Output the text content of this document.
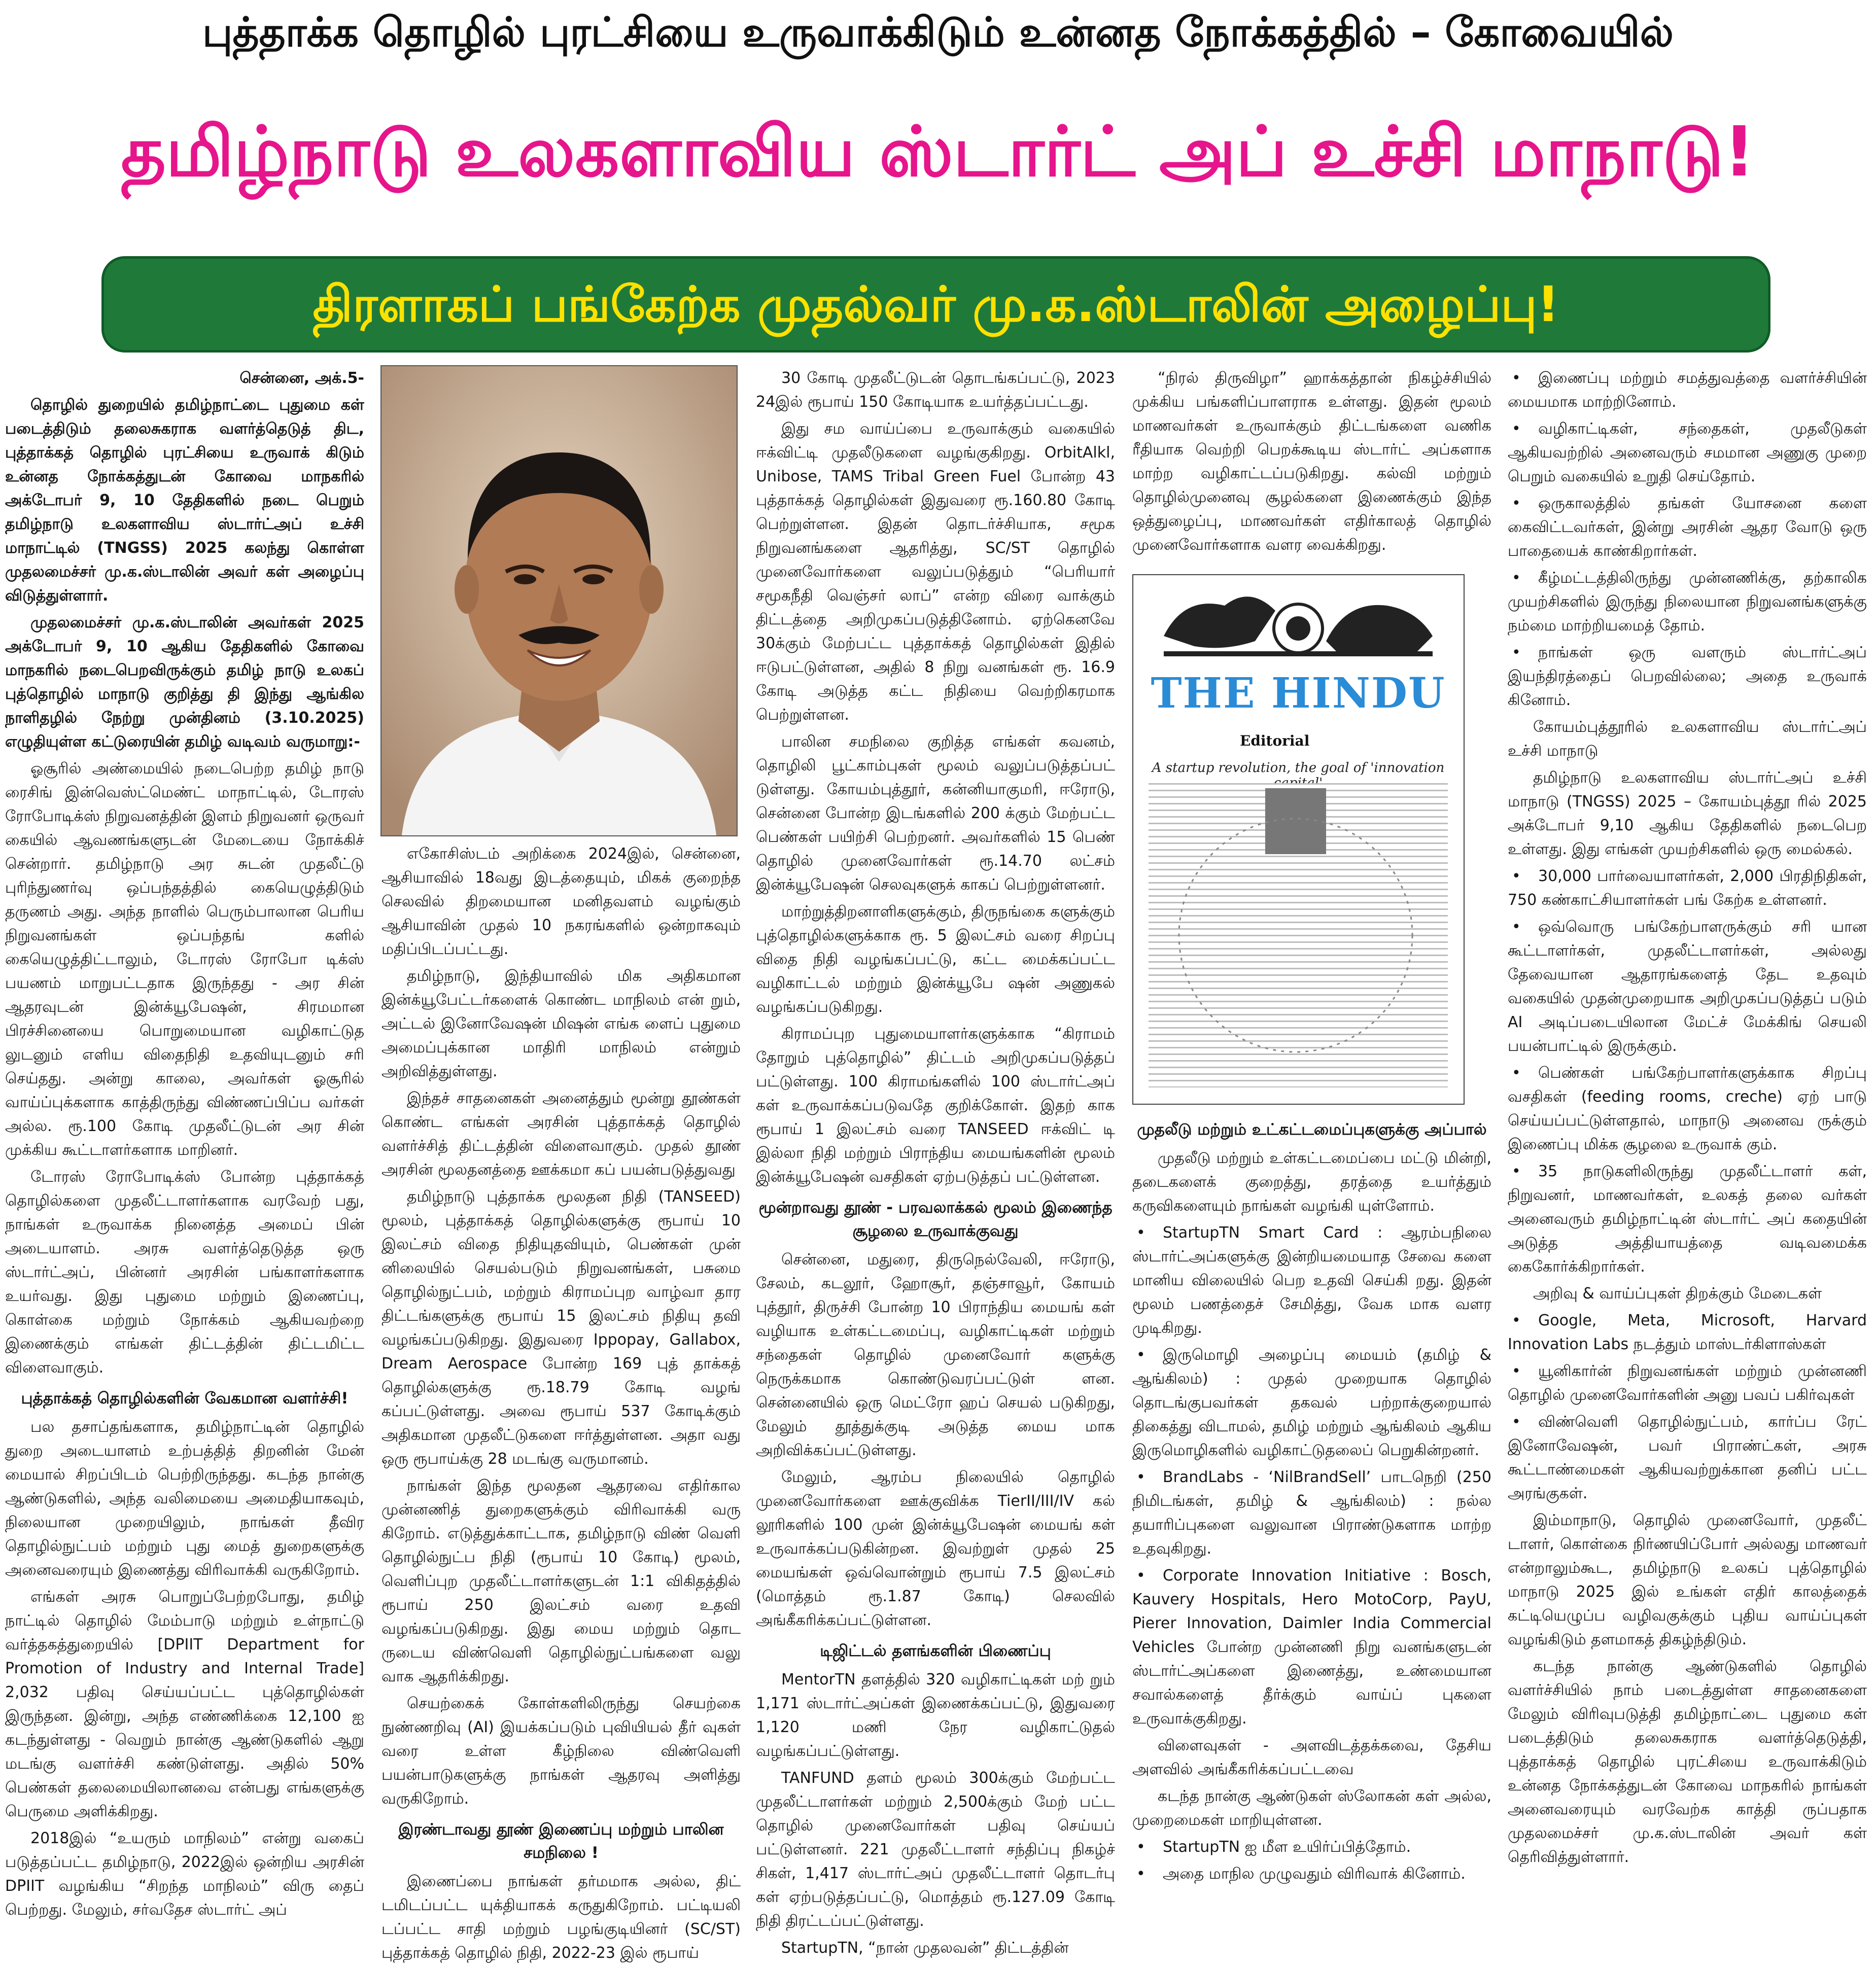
புத்தாக்க தொழில் புரட்சியை உருவாக்கிடும் உன்னத நோக்கத்தில் – கோவையில்
தமிழ்நாடு உலகளாவிய ஸ்டார்ட் அப் உச்சி மாநாடு!
திரளாகப் பங்கேற்க முதல்வர் மு.க.ஸ்டாலின் அழைப்பு!

சென்னை, அக்.5-

தொழில் துறையில் தமிழ்நாட்டை புதுமை கள் படைத்திடும் தலைசுகராக வளர்த்தெடுத் திட, புத்தாக்கத் தொழில் புரட்சியை உருவாக் கிடும் உன்னத நோக்கத்துடன் கோவை மாநகரில் அக்டோபர் 9, 10 தேதிகளில் நடை பெறும் தமிழ்நாடு உலகளாவிய ஸ்டார்ட்அப் உச்சி மாநாட்டில் (TNGSS) 2025 கலந்து கொள்ள முதலமைச்சர் மு.க.ஸ்டாலின் அவர் கள் அழைப்பு விடுத்துள்ளார்.

முதலமைச்சர் மு.க.ஸ்டாலின் அவர்கள் 2025 அக்டோபர் 9, 10 ஆகிய தேதிகளில் கோவை மாநகரில் நடைபெறவிருக்கும் தமிழ் நாடு உலகப் புத்தொழில் மாநாடு குறித்து தி இந்து ஆங்கில நாளிதழில் நேற்று முன்தினம் (3.10.2025) எழுதியுள்ள கட்டுரையின் தமிழ் வடிவம் வருமாறு:-

ஓசூரில் அண்மையில் நடைபெற்ற தமிழ் நாடு ரைசிங் இன்வெஸ்ட்மெண்ட் மாநாட்டில், டோரஸ் ரோபோடிக்ஸ் நிறுவனத்தின் இளம் நிறுவனர் ஒருவர் கையில் ஆவணங்களுடன் மேடையை நோக்கிச் சென்றார். தமிழ்நாடு அர சுடன் முதலீட்டு புரிந்துணர்வு ஒப்பந்தத்தில் கையெழுத்திடும் தருணம் அது. அந்த நாளில் பெரும்பாலான பெரிய நிறுவனங்கள் ஒப்பந்தங் களில் கையெழுத்திட்டாலும், டோரஸ் ரோபோ டிக்ஸ் பயணம் மாறுபட்டதாக இருந்தது - அர சின் ஆதரவுடன் இன்க்யூபேஷன், சிரமமான பிரச்சினையை பொறுமையான வழிகாட்டுத லுடனும் எளிய விதைநிதி உதவியுடனும் சரி செய்தது. அன்று காலை, அவர்கள் ஓசூரில் வாய்ப்புக்களாக காத்திருந்து விண்ணப்பிப்ப வர்கள் அல்ல. ரூ.100 கோடி முதலீட்டுடன் அர சின் முக்கிய கூட்டாளர்களாக மாறினர்.

டோரஸ் ரோபோடிக்ஸ் போன்ற புத்தாக்கத் தொழில்களை முதலீட்டாளர்களாக வரவேற் பது, நாங்கள் உருவாக்க நினைத்த அமைப் பின் அடையாளம். அரசு வளர்த்தெடுத்த ஒரு ஸ்டார்ட்அப், பின்னர் அரசின் பங்காளர்களாக உயர்வது. இது புதுமை மற்றும் இணைப்பு, கொள்கை மற்றும் நோக்கம் ஆகியவற்றை இணைக்கும் எங்கள் திட்டத்தின் திட்டமிட்ட விளைவாகும்.

புத்தாக்கத் தொழில்களின் வேகமான வளர்ச்சி!

பல தசாப்தங்களாக, தமிழ்நாட்டின் தொழில் துறை அடையாளம் உற்பத்தித் திறனின் மேன் மையால் சிறப்பிடம் பெற்றிருந்தது. கடந்த நான்கு ஆண்டுகளில், அந்த வலிமையை அமைதியாகவும், நிலையான முறையிலும், நாங்கள் தீவிர தொழில்நுட்பம் மற்றும் புது மைத் துறைகளுக்கு அனைவரையும் இணைத்து விரிவாக்கி வருகிறோம்.

எங்கள் அரசு பொறுப்பேற்றபோது, தமிழ் நாட்டில் தொழில் மேம்பாடு மற்றும் உள்நாட்டு வர்த்தகத்துறையில் [DPIIT Department for Promotion of Industry and Internal Trade] 2,032 பதிவு செய்யப்பட்ட புத்தொழில்கள் இருந்தன. இன்று, அந்த எண்ணிக்கை 12,100 ஐ கடந்துள்ளது - வெறும் நான்கு ஆண்டுகளில் ஆறு மடங்கு வளர்ச்சி கண்டுள்ளது. அதில் 50% பெண்கள் தலைமையிலானவை என்பது எங்களுக்கு பெருமை அளிக்கிறது.

2018இல் “உயரும் மாநிலம்” என்று வகைப் படுத்தப்பட்ட தமிழ்நாடு, 2022இல் ஒன்றிய அரசின் DPIIT வழங்கிய “சிறந்த மாநிலம்” விரு தைப் பெற்றது. மேலும், சர்வதேச ஸ்டார்ட் அப்

எகோசிஸ்டம் அறிக்கை 2024இல், சென்னை, ஆசியாவில் 18வது இடத்தையும், மிகக் குறைந்த செலவில் திறமையான மனிதவளம் வழங்கும் ஆசியாவின் முதல் 10 நகரங்களில் ஒன்றாகவும் மதிப்பிடப்பட்டது.

தமிழ்நாடு, இந்தியாவில் மிக அதிகமான இன்க்யூபேட்டர்களைக் கொண்ட மாநிலம் என் றும், அட்டல் இனோவேஷன் மிஷன் எங்க ளைப் புதுமை அமைப்புக்கான மாதிரி மாநிலம் என்றும் அறிவித்துள்ளது.

இந்தச் சாதனைகள் அனைத்தும் மூன்று தூண்கள் கொண்ட எங்கள் அரசின் புத்தாக்கத் தொழில் வளர்ச்சித் திட்டத்தின் விளைவாகும். முதல் தூண் அரசின் மூலதனத்தை ஊக்கமா கப் பயன்படுத்துவது

தமிழ்நாடு புத்தாக்க மூலதன நிதி (TANSEED) மூலம், புத்தாக்கத் தொழில்களுக்கு ரூபாய் 10 இலட்சம் விதை நிதியுதவியும், பெண்கள் முன் னிலையில் செயல்படும் நிறுவனங்கள், பசுமை தொழில்நுட்பம், மற்றும் கிராமப்புற வாழ்வா தார திட்டங்களுக்கு ரூபாய் 15 இலட்சம் நிதியு தவி வழங்கப்படுகிறது. இதுவரை Ippopay, Gallabox, Dream Aerospace போன்ற 169 புத் தாக்கத் தொழில்களுக்கு ரூ.18.79 கோடி வழங் கப்பட்டுள்ளது. அவை ரூபாய் 537 கோடிக்கும் அதிகமான முதலீட்டுகளை ஈர்த்துள்ளன. அதா வது ஒரு ரூபாய்க்கு 28 மடங்கு வருமானம்.

நாங்கள் இந்த மூலதன ஆதரவை எதிர்கால முன்னணித் துறைகளுக்கும் விரிவாக்கி வரு கிறோம். எடுத்துக்காட்டாக, தமிழ்நாடு விண் வெளி தொழில்நுட்ப நிதி (ரூபாய் 10 கோடி) மூலம், வெளிப்புற முதலீட்டாளர்களுடன் 1:1 விகிதத்தில் ரூபாய் 250 இலட்சம் வரை உதவி வழங்கப்படுகிறது. இது மைய மற்றும் தொட ருடைய விண்வெளி தொழில்நுட்பங்களை வலு வாக ஆதரிக்கிறது.

செயற்கைக் கோள்களிலிருந்து செயற்கை நுண்ணறிவு (AI) இயக்கப்படும் புவியியல் தீர் வுகள் வரை உள்ள கீழ்நிலை விண்வெளி பயன்பாடுகளுக்கு நாங்கள் ஆதரவு அளித்து வருகிறோம்.

இரண்டாவது தூண் இணைப்பு மற்றும் பாலின சமநிலை !

இணைப்பை நாங்கள் தர்மமாக அல்ல, திட் டமிடப்பட்ட யுக்தியாகக் கருதுகிறோம். பட்டியலி டப்பட்ட சாதி மற்றும் பழங்குடியினர் (SC/ST) புத்தாக்கத் தொழில் நிதி, 2022-23 இல் ரூபாய்

30 கோடி முதலீட்டுடன் தொடங்கப்பட்டு, 2023 24இல் ரூபாய் 150 கோடியாக உயர்த்தப்பட்டது.

இது சம வாய்ப்பை உருவாக்கும் வகையில் ஈக்விட்டி முதலீடுகளை வழங்குகிறது. OrbitAlkl, Unibose, TAMS Tribal Green Fuel போன்ற 43 புத்தாக்கத் தொழில்கள் இதுவரை ரூ.160.80 கோடி பெற்றுள்ளன. இதன் தொடர்ச்சியாக, சமூக நிறுவனங்களை ஆதரித்து, SC/ST தொழில் முனைவோர்களை வலுப்படுத்தும் “பெரியார் சமூகநீதி வெஞ்சர் லாப்” என்ற விரை வாக்கும் திட்டத்தை அறிமுகப்படுத்தினோம். ஏற்கெனவே 30க்கும் மேற்பட்ட புத்தாக்கத் தொழில்கள் இதில் ஈடுபட்டுள்ளன, அதில் 8 நிறு வனங்கள் ரூ. 16.9 கோடி அடுத்த கட்ட நிதியை வெற்றிகரமாக பெற்றுள்ளன.

பாலின சமநிலை குறித்த எங்கள் கவனம், தொழிலி பூட்காம்புகள் மூலம் வலுப்படுத்தப்பட் டுள்ளது. கோயம்புத்தூர், கன்னியாகுமரி, ஈரோடு, சென்னை போன்ற இடங்களில் 200 க்கும் மேற்பட்ட பெண்கள் பயிற்சி பெற்றனர். அவர்களில் 15 பெண் தொழில் முனைவோர்கள் ரூ.14.70 லட்சம் இன்க்யூபேஷன் செலவுகளுக் காகப் பெற்றுள்ளனர்.

மாற்றுத்திறனாளிகளுக்கும், திருநங்கை களுக்கும் புத்தொழில்களுக்காக ரூ. 5 இலட்சம் வரை சிறப்பு விதை நிதி வழங்கப்பட்டு, கட்ட மைக்கப்பட்ட வழிகாட்டல் மற்றும் இன்க்யூபே ஷன் அணுகல் வழங்கப்படுகிறது.

கிராமப்புற புதுமையாளர்களுக்காக “கிராமம் தோறும் புத்தொழில்” திட்டம் அறிமுகப்படுத்தப் பட்டுள்ளது. 100 கிராமங்களில் 100 ஸ்டார்ட்அப் கள் உருவாக்கப்படுவதே குறிக்கோள். இதற் காக ரூபாய் 1 இலட்சம் வரை TANSEED ஈக்விட் டி இல்லா நிதி மற்றும் பிராந்திய மையங்களின் மூலம் இன்க்யூபேஷன் வசதிகள் ஏற்படுத்தப் பட்டுள்ளன.

மூன்றாவது தூண் - பரவலாக்கல் மூலம் இணைந்த சூழலை உருவாக்குவது

சென்னை, மதுரை, திருநெல்வேலி, ஈரோடு, சேலம், கடலூர், ஹோசூர், தஞ்சாவூர், கோயம் புத்தூர், திருச்சி போன்ற 10 பிராந்திய மையங் கள் வழியாக உள்கட்டமைப்பு, வழிகாட்டிகள் மற்றும் சந்தைகள் தொழில் முனைவோர் களுக்கு நெருக்கமாக கொண்டுவரப்பட்டுள் ளன. சென்னையில் ஒரு மெட்ரோ ஹப் செயல் படுகிறது, மேலும் தூத்துக்குடி அடுத்த மைய மாக அறிவிக்கப்பட்டுள்ளது.

மேலும், ஆரம்ப நிலையில் தொழில் முனைவோர்களை ஊக்குவிக்க TierII/III/IV கல் லூரிகளில் 100 முன் இன்க்யூபேஷன் மையங் கள் உருவாக்கப்படுகின்றன. இவற்றுள் முதல் 25 மையங்கள் ஒவ்வொன்றும் ரூபாய் 7.5 இலட்சம் (மொத்தம் ரூ.1.87 கோடி) செலவில் அங்கீகரிக்கப்பட்டுள்ளன.

டிஜிட்டல் தளங்களின் பிணைப்பு

MentorTN தளத்தில் 320 வழிகாட்டிகள் மற் றும் 1,171 ஸ்டார்ட்அப்கள் இணைக்கப்பட்டு, இதுவரை 1,120 மணி நேர வழிகாட்டுதல் வழங்கப்பட்டுள்ளது.

TANFUND தளம் மூலம் 300க்கும் மேற்பட்ட முதலீட்டாளர்கள் மற்றும் 2,500க்கும் மேற் பட்ட தொழில் முனைவோர்கள் பதிவு செய்யப் பட்டுள்ளனர். 221 முதலீட்டாளர் சந்திப்பு நிகழ்ச் சிகள், 1,417 ஸ்டார்ட்அப் முதலீட்டாளர் தொடர்பு கள் ஏற்படுத்தப்பட்டு, மொத்தம் ரூ.127.09 கோடி நிதி திரட்டப்பட்டுள்ளது.

StartupTN, “நான் முதலவன்” திட்டத்தின்

“நிரல் திருவிழா” ஹாக்கத்தான் நிகழ்ச்சியில் முக்கிய பங்களிப்பாளராக உள்ளது. இதன் மூலம் மாணவர்கள் உருவாக்கும் திட்டங்களை வணிக ரீதியாக வெற்றி பெறக்கூடிய ஸ்டார்ட் அப்களாக மாற்ற வழிகாட்டப்படுகிறது. கல்வி மற்றும் தொழில்முனைவு சூழல்களை இணைக்கும் இந்த ஒத்துழைப்பு, மாணவர்கள் எதிர்காலத் தொழில் முனைவோர்களாக வளர வைக்கிறது.

THE HINDU
Editorial
A startup revolution, the goal of 'innovation
முதலீடு மற்றும் உட்கட்டமைப்புகளுக்கு அப்பால்

முதலீடு மற்றும் உள்கட்டமைப்பை மட்டு மின்றி, தடைகளைக் குறைத்து, தரத்தை உயர்த்தும் கருவிகளையும் நாங்கள் வழங்கி யுள்ளோம்.

• StartupTN Smart Card : ஆரம்பநிலை ஸ்டார்ட்அப்களுக்கு இன்றியமையாத சேவை களை மானிய விலையில் பெற உதவி செய்கி றது. இதன் மூலம் பணத்தைச் சேமித்து, வேக மாக வளர முடிகிறது.
• இருமொழி அழைப்பு மையம் (தமிழ் & ஆங்கிலம்) : முதல் முறையாக தொழில் தொடங்குபவர்கள் தகவல் பற்றாக்குறையால் திகைத்து விடாமல், தமிழ் மற்றும் ஆங்கிலம் ஆகிய இருமொழிகளில் வழிகாட்டுதலைப் பெறுகின்றனர்.
• BrandLabs - ‘NilBrandSell’ பாடநெறி (250 நிமிடங்கள், தமிழ் & ஆங்கிலம்) : நல்ல தயாரிப்புகளை வலுவான பிராண்டுகளாக மாற்ற உதவுகிறது.
• Corporate Innovation Initiative : Bosch, Kauvery Hospitals, Hero MotoCorp, PayU, Pierer Innovation, Daimler India Commercial Vehicles போன்ற முன்னணி நிறு வனங்களுடன் ஸ்டார்ட்அப்களை இணைத்து, உண்மையான சவால்களைத் தீர்க்கும் வாய்ப் புகளை உருவாக்குகிறது.

விளைவுகள் - அளவிடத்தக்கவை, தேசிய அளவில் அங்கீகரிக்கப்பட்டவை

கடந்த நான்கு ஆண்டுகள் ஸ்லோகன் கள் அல்ல, முறைமைகள் மாறியுள்ளன.

• StartupTN ஐ மீள உயிர்ப்பித்தோம்.
• அதை மாநில முழுவதும் விரிவாக் கினோம்.
• இணைப்பு மற்றும் சமத்துவத்தை வளர்ச்சியின் மையமாக மாற்றினோம்.
• வழிகாட்டிகள், சந்தைகள், முதலீடுகள் ஆகியவற்றில் அனைவரும் சமமான அணுகு முறை பெறும் வகையில் உறுதி செய்தோம்.
• ஒருகாலத்தில் தங்கள் யோசனை களை கைவிட்டவர்கள், இன்று அரசின் ஆதர வோடு ஒரு பாதையைக் காண்கிறார்கள்.
• கீழ்மட்டத்திலிருந்து முன்னணிக்கு, தற்காலிக முயற்சிகளில் இருந்து நிலையான நிறுவனங்களுக்கு நம்மை மாற்றியமைத் தோம்.
• நாங்கள் ஒரு வளரும் ஸ்டார்ட்அப் இயந்திரத்தைப் பெறவில்லை; அதை உருவாக் கினோம்.

கோயம்புத்தூரில் உலகளாவிய ஸ்டார்ட்அப் உச்சி மாநாடு

தமிழ்நாடு உலகளாவிய ஸ்டார்ட்அப் உச்சி மாநாடு (TNGSS) 2025 – கோயம்புத்தூ ரில் 2025 அக்டோபர் 9,10 ஆகிய தேதிகளில் நடைபெற உள்ளது. இது எங்கள் முயற்சிகளில் ஒரு மைல்கல்.

• 30,000 பார்வையாளர்கள், 2,000 பிரதிநிதிகள், 750 கண்காட்சியாளர்கள் பங் கேற்க உள்ளனர்.
• ஒவ்வொரு பங்கேற்பாளருக்கும் சரி யான கூட்டாளர்கள், முதலீட்டாளர்கள், அல்லது தேவையான ஆதாரங்களைத் தேட உதவும் வகையில் முதன்முறையாக அறிமுகப்படுத்தப் படும் AI அடிப்படையிலான மேட்ச் மேக்கிங் செயலி பயன்பாட்டில் இருக்கும்.
• பெண்கள் பங்கேற்பாளர்களுக்காக சிறப்பு வசதிகள் (feeding rooms, creche) ஏற் பாடு செய்யப்பட்டுள்ளதால், மாநாடு அனைவ ருக்கும் இணைப்பு மிக்க சூழலை உருவாக் கும்.
• 35 நாடுகளிலிருந்து முதலீட்டாளர் கள், நிறுவனர், மாணவர்கள், உலகத் தலை வர்கள் அனைவரும் தமிழ்நாட்டின் ஸ்டார்ட் அப் கதையின் அடுத்த அத்தியாயத்தை வடிவமைக்க கைகோர்க்கிறார்கள்.

அறிவு & வாய்ப்புகள் திறக்கும் மேடைகள்

• Google, Meta, Microsoft, Harvard Innovation Labs நடத்தும் மாஸ்டர்கிளாஸ்கள்
• யூனிகார்ன் நிறுவனங்கள் மற்றும் முன்னணி தொழில் முனைவோர்களின் அனு பவப் பகிர்வுகள்
• விண்வெளி தொழில்நுட்பம், கார்ப்ப ரேட் இனோவேஷன், பவர் பிராண்ட்கள், அரசு கூட்டாண்மைகள் ஆகியவற்றுக்கான தனிப் பட்ட அரங்குகள்.

இம்மாநாடு, தொழில் முனைவோர், முதலீட் டாளர், கொள்கை நிர்ணயிப்போர் அல்லது மாணவர் என்றாலும்கூட, தமிழ்நாடு உலகப் புத்தொழில் மாநாடு 2025 இல் உங்கள் எதிர் காலத்தைக் கட்டியெழுப்ப வழிவகுக்கும் புதிய வாய்ப்புகள் வழங்கிடும் தளமாகத் திகழ்ந்திடும்.

கடந்த நான்கு ஆண்டுகளில் தொழில் வளர்ச்சியில் நாம் படைத்துள்ள சாதனைகளை மேலும் விரிவுபடுத்தி தமிழ்நாட்டை புதுமை கள் படைத்திடும் தலைசுகராக வளர்த்தெடுத்தி, புத்தாக்கத் தொழில் புரட்சியை உருவாக்கிடும் உன்னத நோக்கத்துடன் கோவை மாநகரில் நாங்கள் அனைவரையும் வரவேற்க காத்தி ருப்பதாக முதலமைச்சர் மு.க.ஸ்டாலின் அவர் கள் தெரிவித்துள்ளார்.
